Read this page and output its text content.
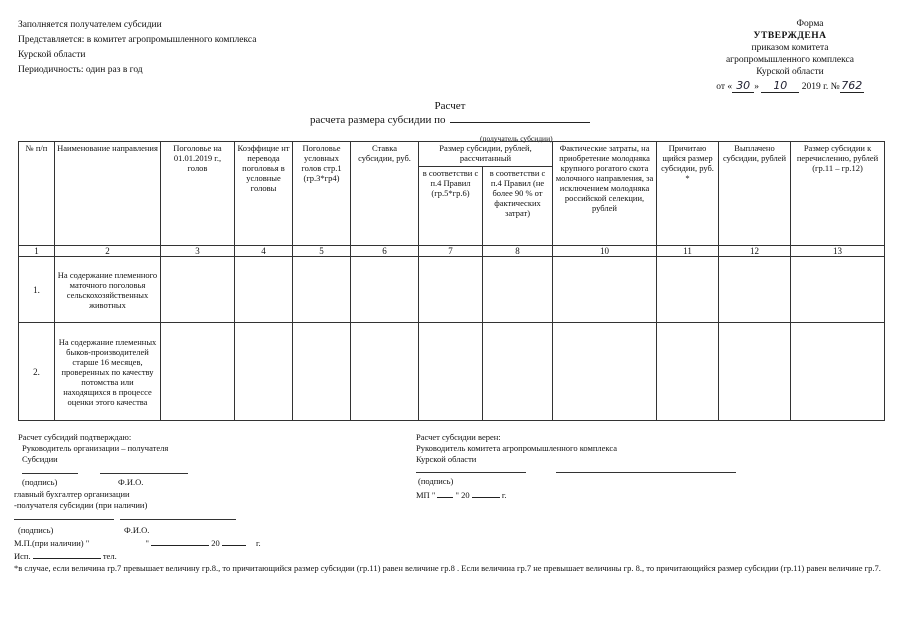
Заполняется получателем субсидии
Представляется: в комитет агропромышленного комплекса
Курской области
Периодичность: один раз в год
Форма
УТВЕРЖДЕНА
приказом комитета
агропромышленного комплекса
Курской области
от « 30 » 10 2019 г. № 762
Расчет
расчета размера субсидии по
(получатель субсидии)
№ п/п	Наименование направления	Поголовье на 01.01.2019 г., голов	Коэффицие нт перевода поголовья в условные головы	Поголовье условных голов стр.1 (гр.3*гр4)	Ставка субсидии, руб.	Размер субсидии, рублей, рассчитанный		Фактические затраты, на приобретение молодняка крупного рогатого скота молочного направления, за исключением молодняка российской селекции, рублей	Причитаю щийся размер субсидии, руб. *	Выплачено субсидии, рублей	Размер субсидии к перечислению, рублей (гр.11 – гр.12)
						в соответстви с п.4 Правил (гр.5*гр.6)	в соответстви с п.4 Правил (не более 90 % от фактических затрат)				
1	2	3	4	5	6	7	8	10	11	12	13
1.	На содержание племенного маточного поголовья сельскохозяйственных животных										
2.	На содержание племенных быков-производителей старше 16 месяцев, проверенных по качеству потомства или находящихся в процессе оценки этого качества										
Расчет субсидий подтверждаю:
Руководитель организации – получателя
Субсидии
(подпись)	Ф.И.О.
главный бухгалтер организации
-получателя субсидии (при наличии)
(подпись)	Ф.И.О.
М.П.(при наличии) "	"	20	г.
Исп.	тел.
Расчет субсидии верен:
Руководитель комитета агропромышленного комплекса
Курской области
(подпись)
МП " " 20	г.
*в случае, если величина гр.7 превышает величину гр.8., то причитающийся размер субсидии (гр.11) равен величине гр.8 . Если величина гр.7 не превышает величины гр. 8., то причитающийся размер субсидии (гр.11) равен величине гр.7.
